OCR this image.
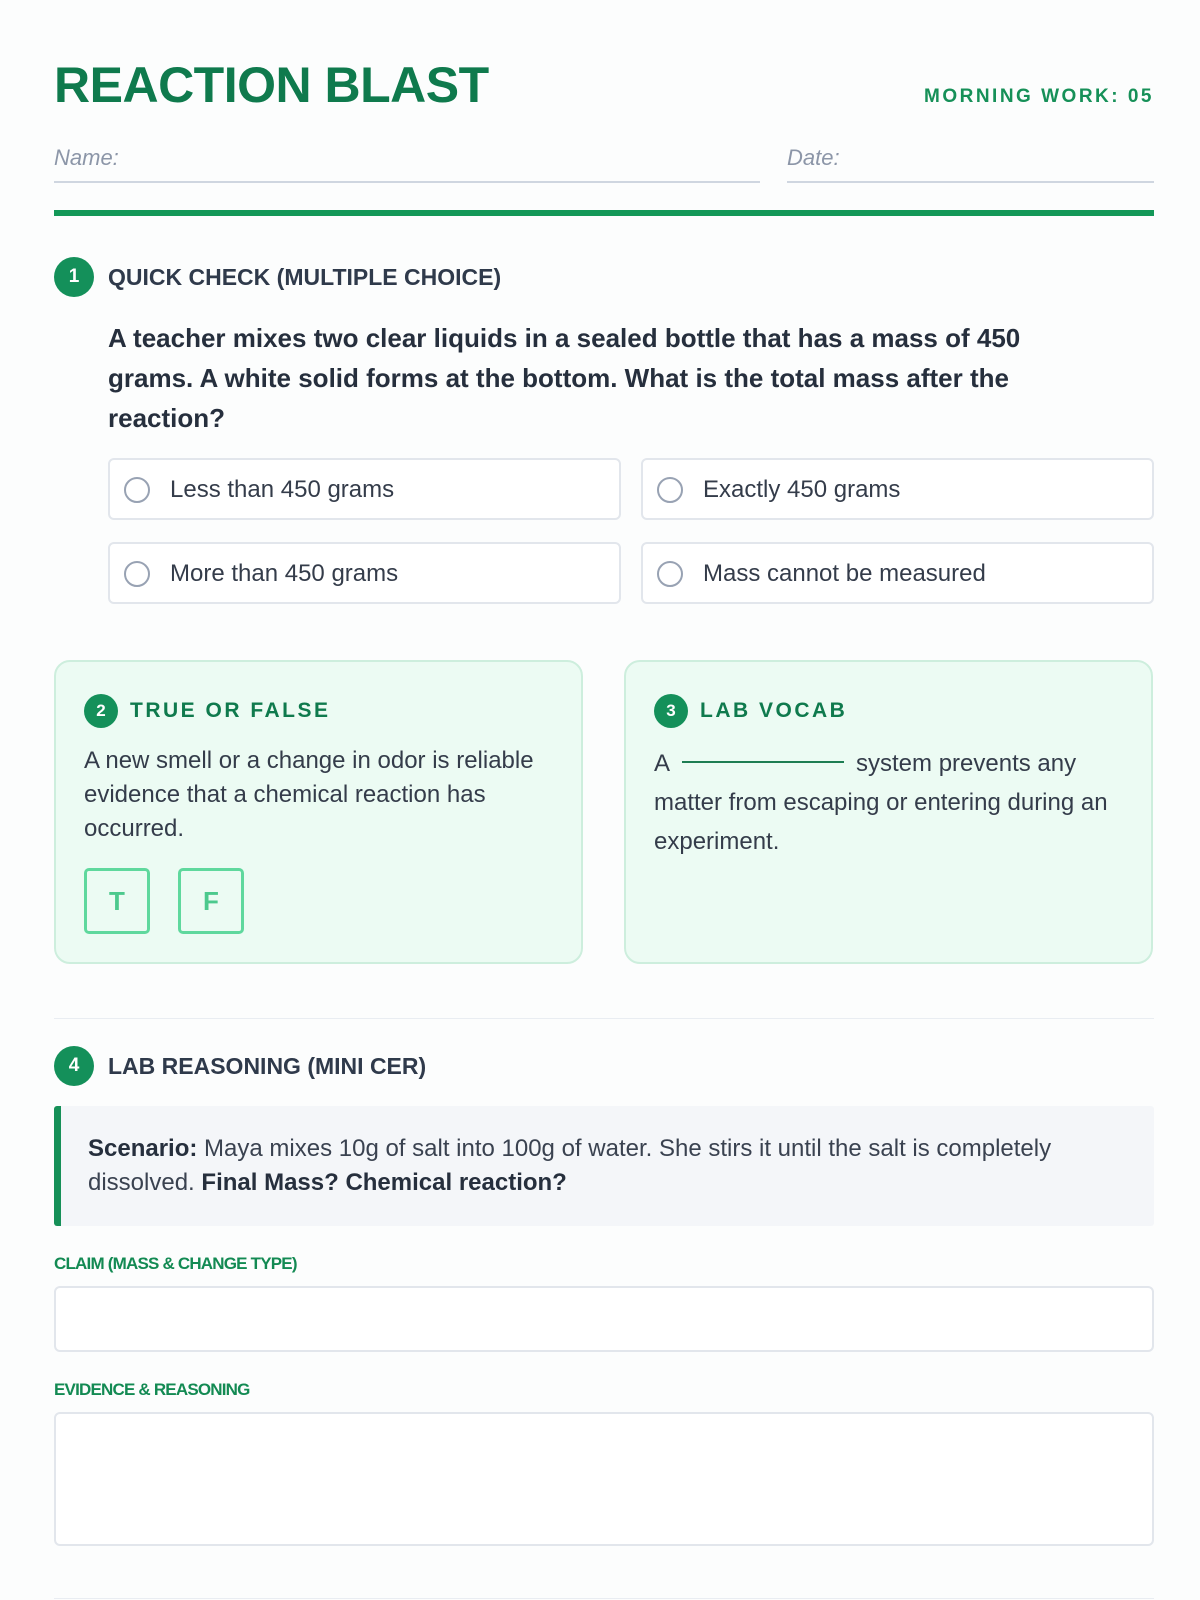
REACTION BLAST	MORNING WORK: 05
Name:	Date:
1	QUICK CHECK (MULTIPLE CHOICE)
A teacher mixes two clear liquids in a sealed bottle that has a mass of 450 grams. A white solid forms at the bottom. What is the total mass after the reaction?
Less than 450 grams	Exactly 450 grams
More than 450 grams	Mass cannot be measured
2	TRUE OR FALSE
A new smell or a change in odor is reliable evidence that a chemical reaction has occurred.
T	F
3	LAB VOCAB
A	system prevents any matter from escaping or entering during an experiment.
4	LAB REASONING (MINI CER)
Scenario: Maya mixes 10g of salt into 100g of water. She stirs it until the salt is completely dissolved. Final Mass? Chemical reaction?
CLAIM (MASS & CHANGE TYPE)
EVIDENCE & REASONING
